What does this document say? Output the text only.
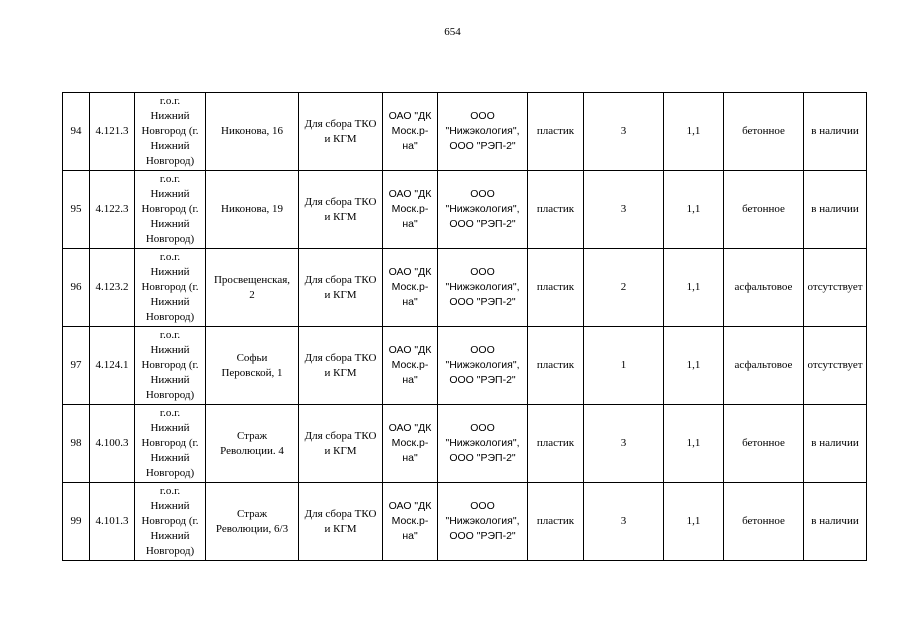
654
94	4.121.3	г.о.г.
Нижний
Новгород (г.
Нижний
Новгород)	Никонова, 16	Для сбора ТКО
и КГМ	ОАО "ДК
Моск.р-
на"	ООО
"Нижэкология",
ООО "РЭП-2"	пластик	3	1,1	бетонное	в наличии

95	4.122.3	г.о.г.
Нижний
Новгород (г.
Нижний
Новгород)	Никонова, 19	Для сбора ТКО
и КГМ	ОАО "ДК
Моск.р-
на"	ООО
"Нижэкология",
ООО "РЭП-2"	пластик	3	1,1	бетонное	в наличии

96	4.123.2	г.о.г.
Нижний
Новгород (г.
Нижний
Новгород)	Просвещенская,
2	Для сбора ТКО
и КГМ	ОАО "ДК
Моск.р-
на"	ООО
"Нижэкология",
ООО "РЭП-2"	пластик	2	1,1	асфальтовое	отсутствует

97	4.124.1	г.о.г.
Нижний
Новгород (г.
Нижний
Новгород)	Софьи
Перовской, 1	Для сбора ТКО
и КГМ	ОАО "ДК
Моск.р-
на"	ООО
"Нижэкология",
ООО "РЭП-2"	пластик	1	1,1	асфальтовое	отсутствует

98	4.100.3	г.о.г.
Нижний
Новгород (г.
Нижний
Новгород)	Страж
Революции. 4	Для сбора ТКО
и КГМ	ОАО "ДК
Моск.р-
на"	ООО
"Нижэкология",
ООО "РЭП-2"	пластик	3	1,1	бетонное	в наличии

99	4.101.3	г.о.г.
Нижний
Новгород (г.
Нижний
Новгород)	Страж
Революции, 6/3	Для сбора ТКО
и КГМ	ОАО "ДК
Моск.р-
на"	ООО
"Нижэкология",
ООО "РЭП-2"	пластик	3	1,1	бетонное	в наличии
